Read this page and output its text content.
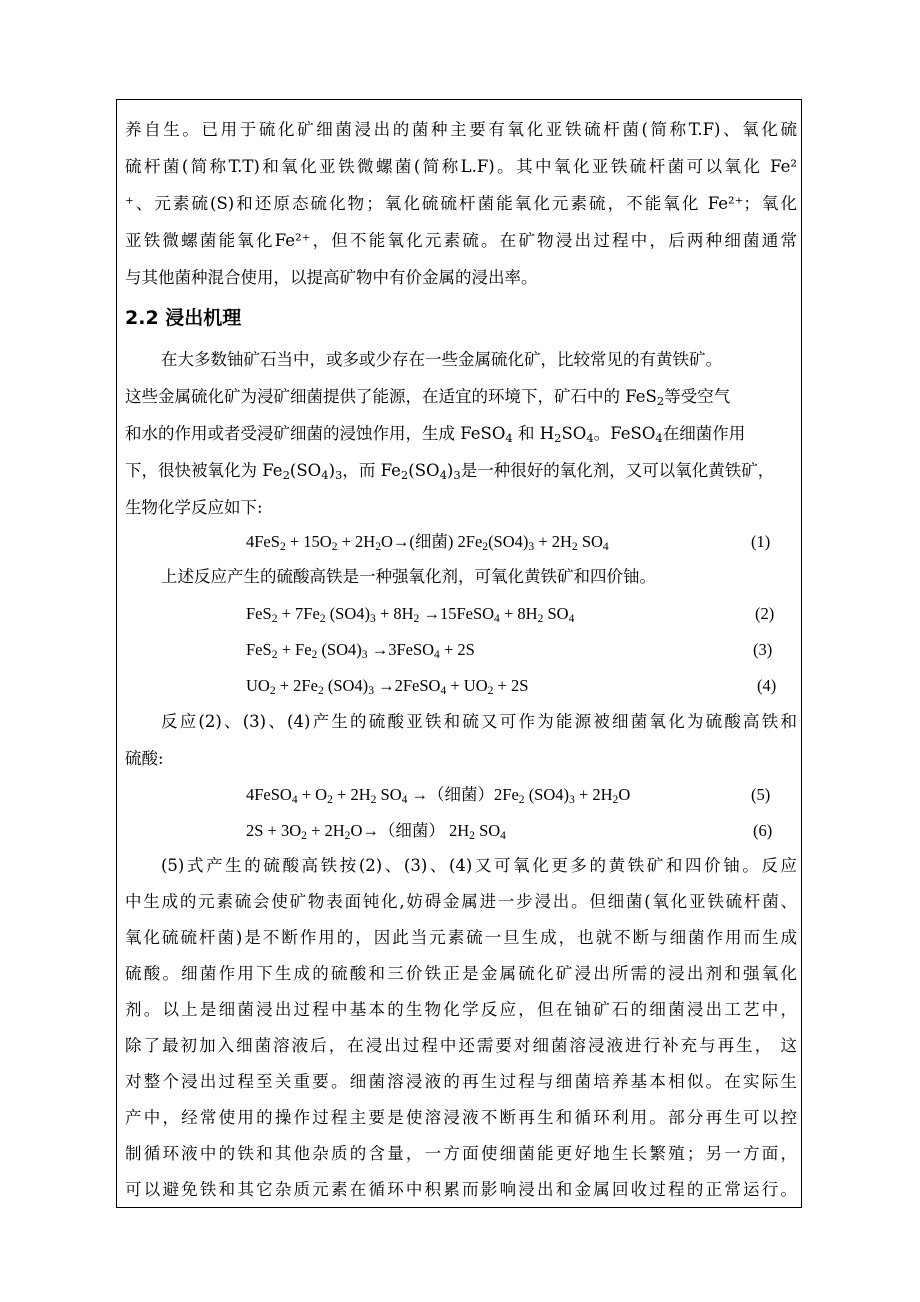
养自生。已用于硫化矿细菌浸出的菌种主要有氧化亚铁硫杆菌(简称T.F)、氧化硫
硫杆菌(简称T.T)和氧化亚铁微螺菌(简称L.F)。其中氧化亚铁硫杆菌可以氧化 Fe²
⁺、元素硫(S)和还原态硫化物；氧化硫硫杆菌能氧化元素硫，不能氧化 Fe²⁺；氧化
亚铁微螺菌能氧化Fe²⁺，但不能氧化元素硫。在矿物浸出过程中，后两种细菌通常
与其他菌种混合使用，以提高矿物中有价金属的浸出率。
2.2 浸出机理
在大多数铀矿石当中，或多或少存在一些金属硫化矿，比较常见的有黄铁矿。
这些金属硫化矿为浸矿细菌提供了能源，在适宜的环境下，矿石中的 FeS$_2$等受空气
和水的作用或者受浸矿细菌的浸蚀作用，生成 FeSO$_4$ 和 $H_2SO_4$。FeSO$_4$在细菌作用
下，很快被氧化为 $Fe_2(SO_4)_3$，而 $Fe_2(SO_4)_3$是一种很好的氧化剂，又可以氧化黄铁矿，
生物化学反应如下:
$4FeS_2 + 15O_2 + 2H_2O\to$(细菌) $2Fe_2(SO4)_3 + 2H_2$ $SO_4$	(1)
上述反应产生的硫酸高铁是一种强氧化剂，可氧化黄铁矿和四价铀。
$FeS_2 + 7Fe_2$ $(SO4)_3 + 8H_2$ →15FeSO$_4$ + $8H_2$ $SO_4$	(2)
$FeS_2 + Fe_2$ $(SO4)_3$ →3FeSO$_4$ + 2S	(3)
$UO_2 + 2Fe_2$ $(SO4)_3$ →2FeSO$_4$ + $UO_2 + 2S$	(4)
反应(2)、(3)、(4)产生的硫酸亚铁和硫又可作为能源被细菌氧化为硫酸高铁和
硫酸:
4FeSO$_4$ + $O_2 + 2H_2$ $SO_4$ →（细菌）$2Fe_2$ $(SO4)_3 + 2H_2O$	(5)
$2S + 3O_2 + 2H_2O\to$（细菌） $2H_2$ $SO_4$	(6)
(5)式产生的硫酸高铁按(2)、(3)、(4)又可氧化更多的黄铁矿和四价铀。反应
中生成的元素硫会使矿物表面钝化,妨碍金属进一步浸出。但细菌(氧化亚铁硫杆菌、
氧化硫硫杆菌)是不断作用的，因此当元素硫一旦生成，也就不断与细菌作用而生成
硫酸。细菌作用下生成的硫酸和三价铁正是金属硫化矿浸出所需的浸出剂和强氧化
剂。以上是细菌浸出过程中基本的生物化学反应，但在铀矿石的细菌浸出工艺中，
除了最初加入细菌溶液后，在浸出过程中还需要对细菌溶浸液进行补充与再生， 这
对整个浸出过程至关重要。细菌溶浸液的再生过程与细菌培养基本相似。在实际生
产中，经常使用的操作过程主要是使溶浸液不断再生和循环利用。部分再生可以控
制循环液中的铁和其他杂质的含量，一方面使细菌能更好地生长繁殖；另一方面，
可以避免铁和其它杂质元素在循环中积累而影响浸出和金属回收过程的正常运行。
